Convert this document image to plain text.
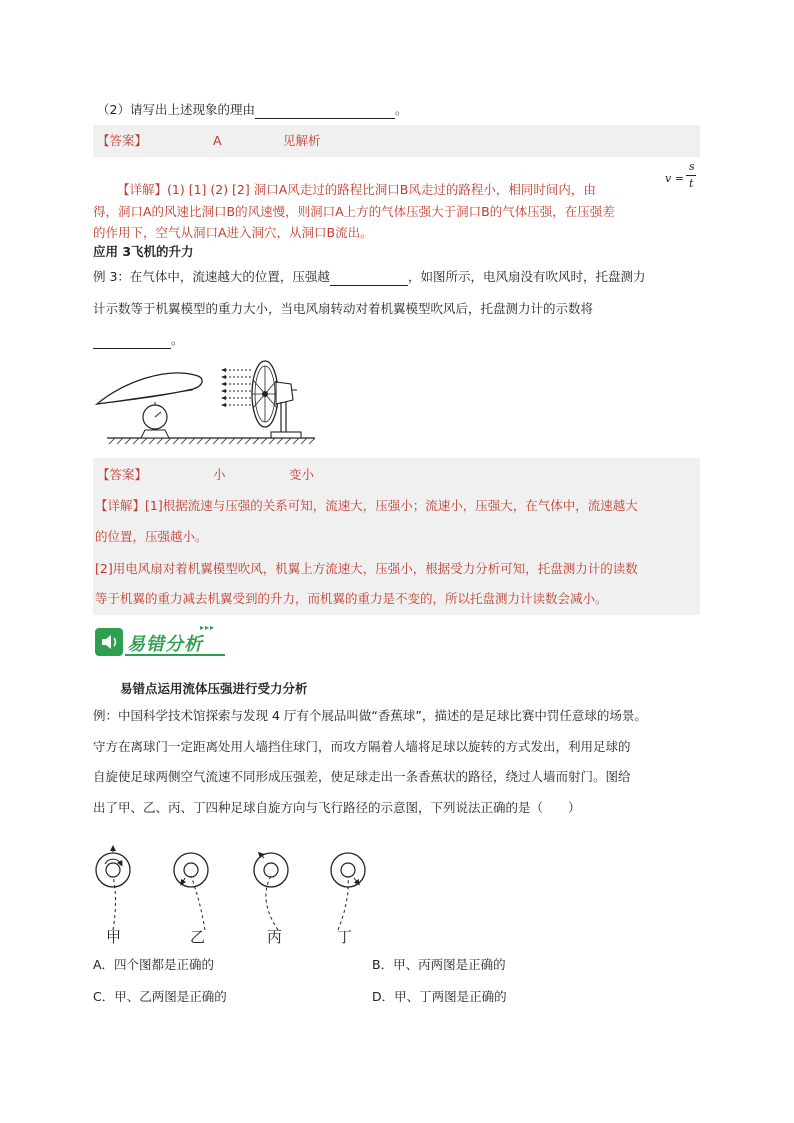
（2）请写出上述现象的理由	。
【答案】	A	见解析
v =
s
t
【详解】(1) [1] (2) [2] 洞口A风走过的路程比洞口B风走过的路程小，相同时间内，由
得，洞口A的风速比洞口B的风速慢，则洞口A上方的气体压强大于洞口B的气体压强，在压强差
的作用下，空气从洞口A进入洞穴，从洞口B流出。
应用 3飞机的升力
例 3：在气体中，流速越大的位置，压强越	，如图所示，电风扇没有吹风时，托盘测力
计示数等于机翼模型的重力大小，当电风扇转动对着机翼模型吹风后，托盘测力计的示数将
。
【答案】	小	变小
【详解】[1]根据流速与压强的关系可知，流速大，压强小；流速小，压强大，在气体中，流速越大
的位置，压强越小。
[2]用电风扇对着机翼模型吹风，机翼上方流速大，压强小，根据受力分析可知，托盘测力计的读数
等于机翼的重力减去机翼受到的升力，而机翼的重力是不变的，所以托盘测力计读数会减小。
易错分析
▸▸▸
易错点运用流体压强进行受力分析
例：中国科学技术馆探索与发现 4 厅有个展品叫做“香蕉球”，描述的是足球比赛中罚任意球的场景。
守方在离球门一定距离处用人墙挡住球门，而攻方隔着人墙将足球以旋转的方式发出，利用足球的
自旋使足球两侧空气流速不同形成压强差，使足球走出一条香蕉状的路径，绕过人墙而射门。图给
出了甲、乙、丙、丁四种足球自旋方向与飞行路径的示意图，下列说法正确的是（　　）
甲	乙	丙	丁
A．四个图都是正确的	B．甲、丙两图是正确的
C．甲、乙两图是正确的	D．甲、丁两图是正确的
